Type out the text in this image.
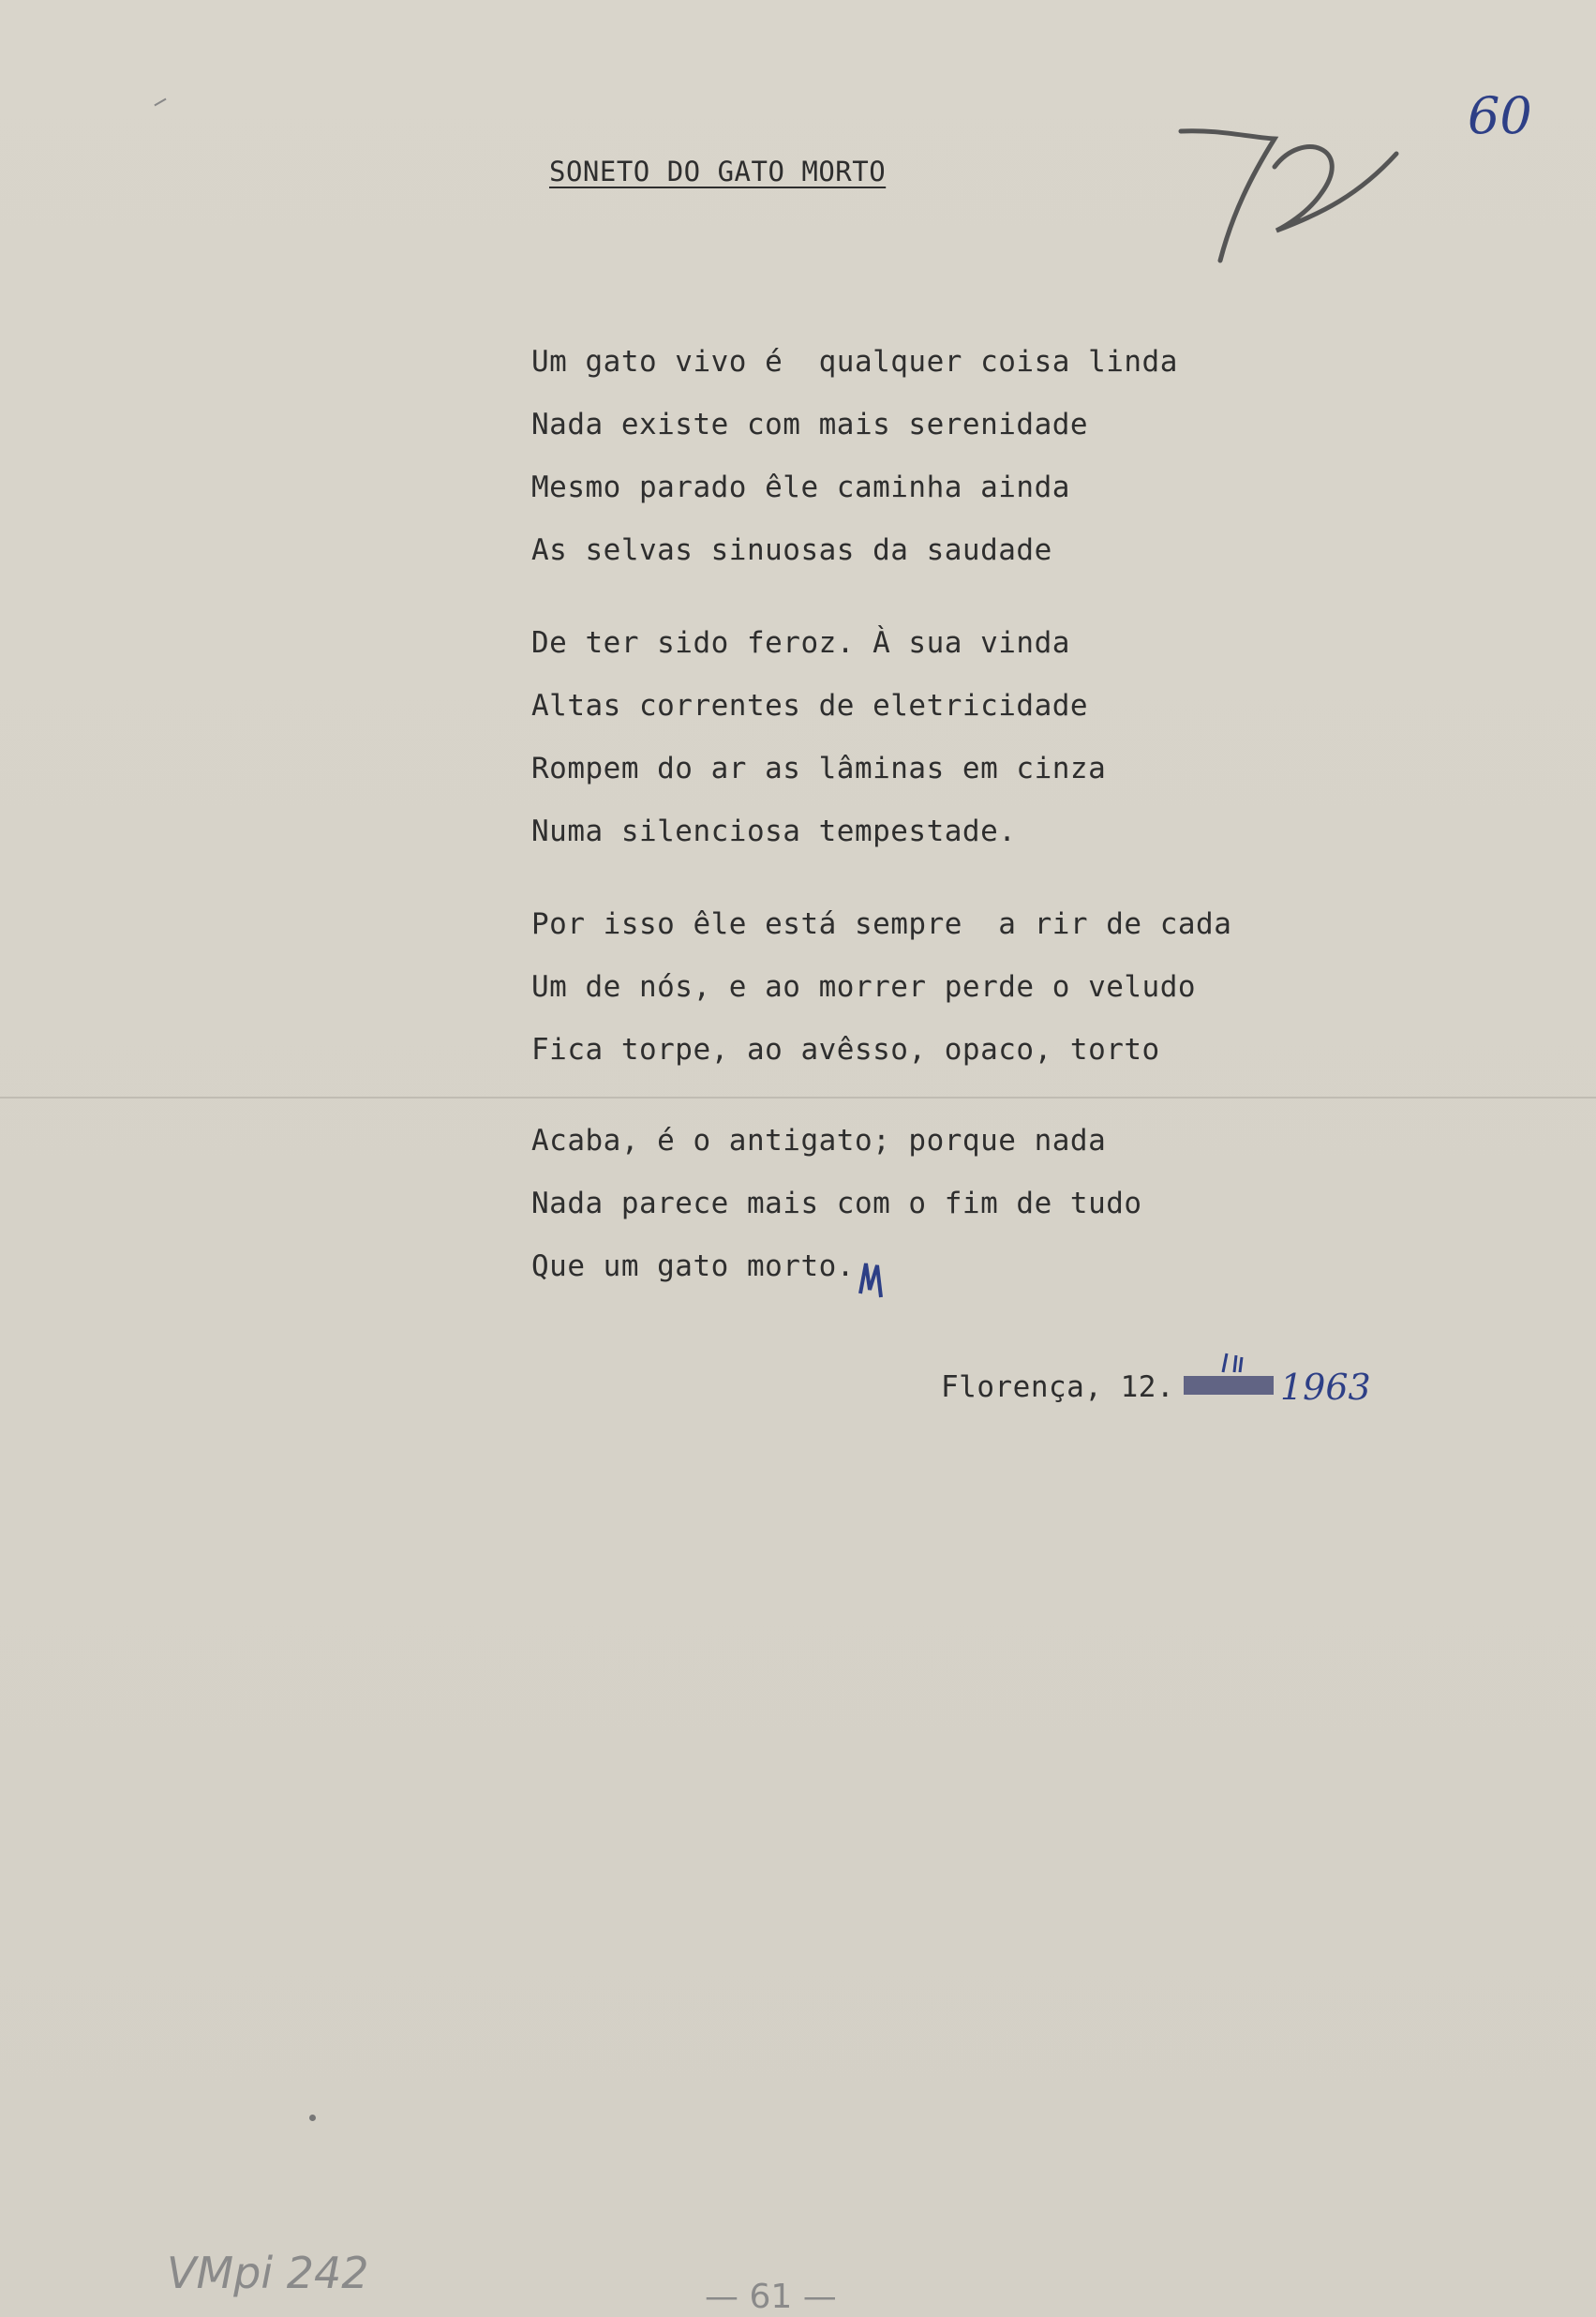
SONETO DO GATO MORTO
Um gato vivo é  qualquer coisa linda
Nada existe com mais serenidade
Mesmo parado êle caminha ainda
As selvas sinuosas da saudade
De ter sido feroz. À sua vinda
Altas correntes de eletricidade
Rompem do ar as lâminas em cinza
Numa silenciosa tempestade.
Por isso êle está sempre  a rir de cada
Um de nós, e ao morrer perde o veludo
Fica torpe, ao avêsso, opaco, torto
Acaba, é o antigato; porque nada
Nada parece mais com o fim de tudo
Que um gato morto.
Florença, 12.	1963
72	60
VMpi 242	— 61 —
